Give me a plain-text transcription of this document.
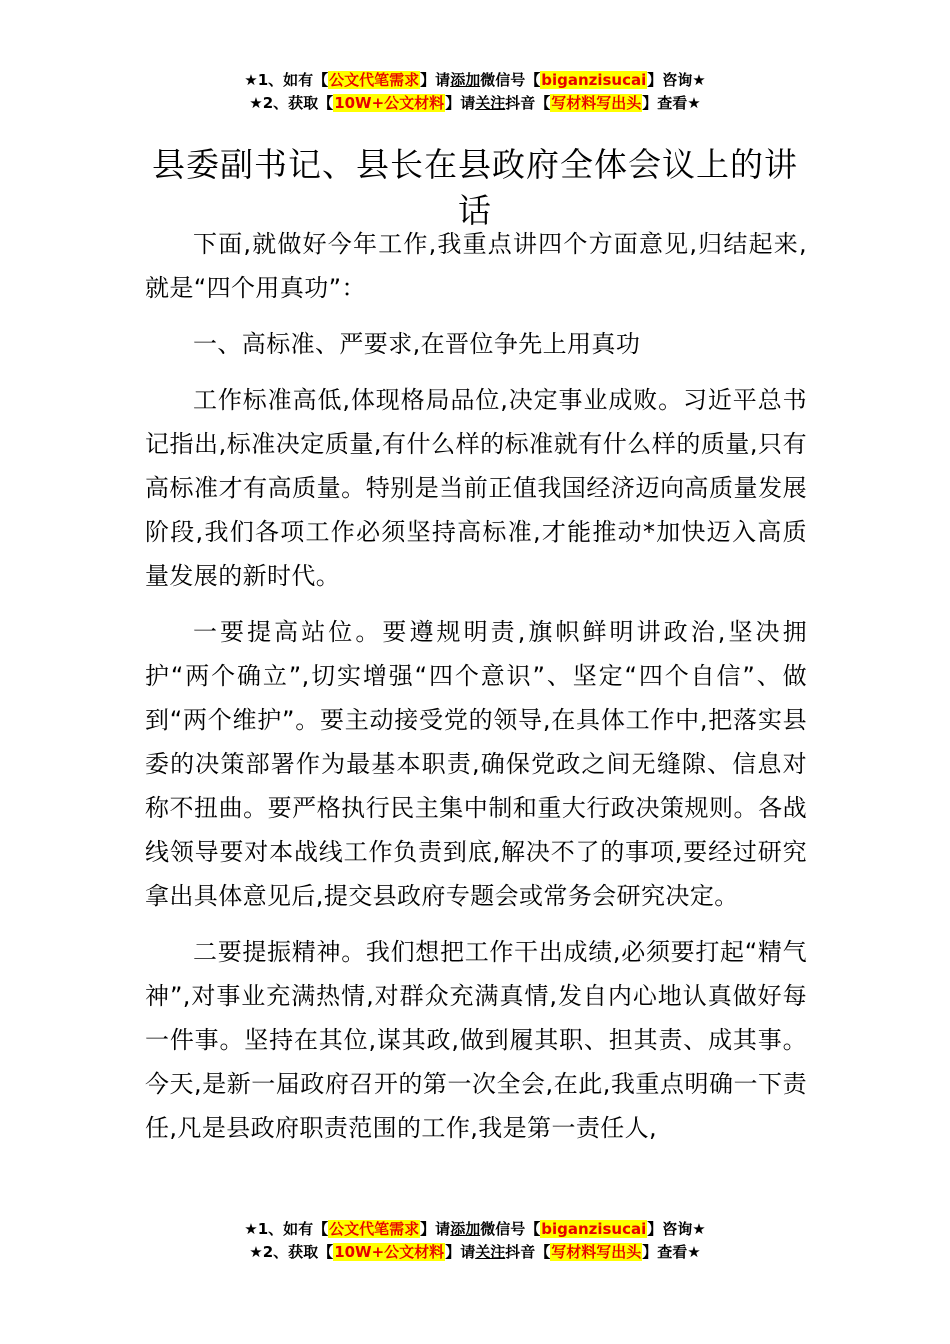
★1、如有【公文代笔需求】请添加微信号【biganzisucai】咨询★
★2、获取【10W+公文材料】请关注抖音【写材料写出头】查看★
县委副书记、县长在县政府全体会议上的讲话

下面,就做好今年工作,我重点讲四个方面意见,归结起来,就是“四个用真功”：

一、高标准、严要求,在晋位争先上用真功

工作标准高低,体现格局品位,决定事业成败。习近平总书记指出,标准决定质量,有什么样的标准就有什么样的质量,只有高标准才有高质量。特别是当前正值我国经济迈向高质量发展阶段,我们各项工作必须坚持高标准,才能推动*加快迈入高质量发展的新时代。

一要提高站位。要遵规明责,旗帜鲜明讲政治,坚决拥护“两个确立”,切实增强“四个意识”、坚定“四个自信”、做到“两个维护”。要主动接受党的领导,在具体工作中,把落实县委的决策部署作为最基本职责,确保党政之间无缝隙、信息对称不扭曲。要严格执行民主集中制和重大行政决策规则。各战线领导要对本战线工作负责到底,解决不了的事项,要经过研究拿出具体意见后,提交县政府专题会或常务会研究决定。

二要提振精神。我们想把工作干出成绩,必须要打起“精气神”,对事业充满热情,对群众充满真情,发自内心地认真做好每一件事。坚持在其位,谋其政,做到履其职、担其责、成其事。今天,是新一届政府召开的第一次全会,在此,我重点明确一下责任,凡是县政府职责范围的工作,我是第一责任人,

★1、如有【公文代笔需求】请添加微信号【biganzisucai】咨询★
★2、获取【10W+公文材料】请关注抖音【写材料写出头】查看★
